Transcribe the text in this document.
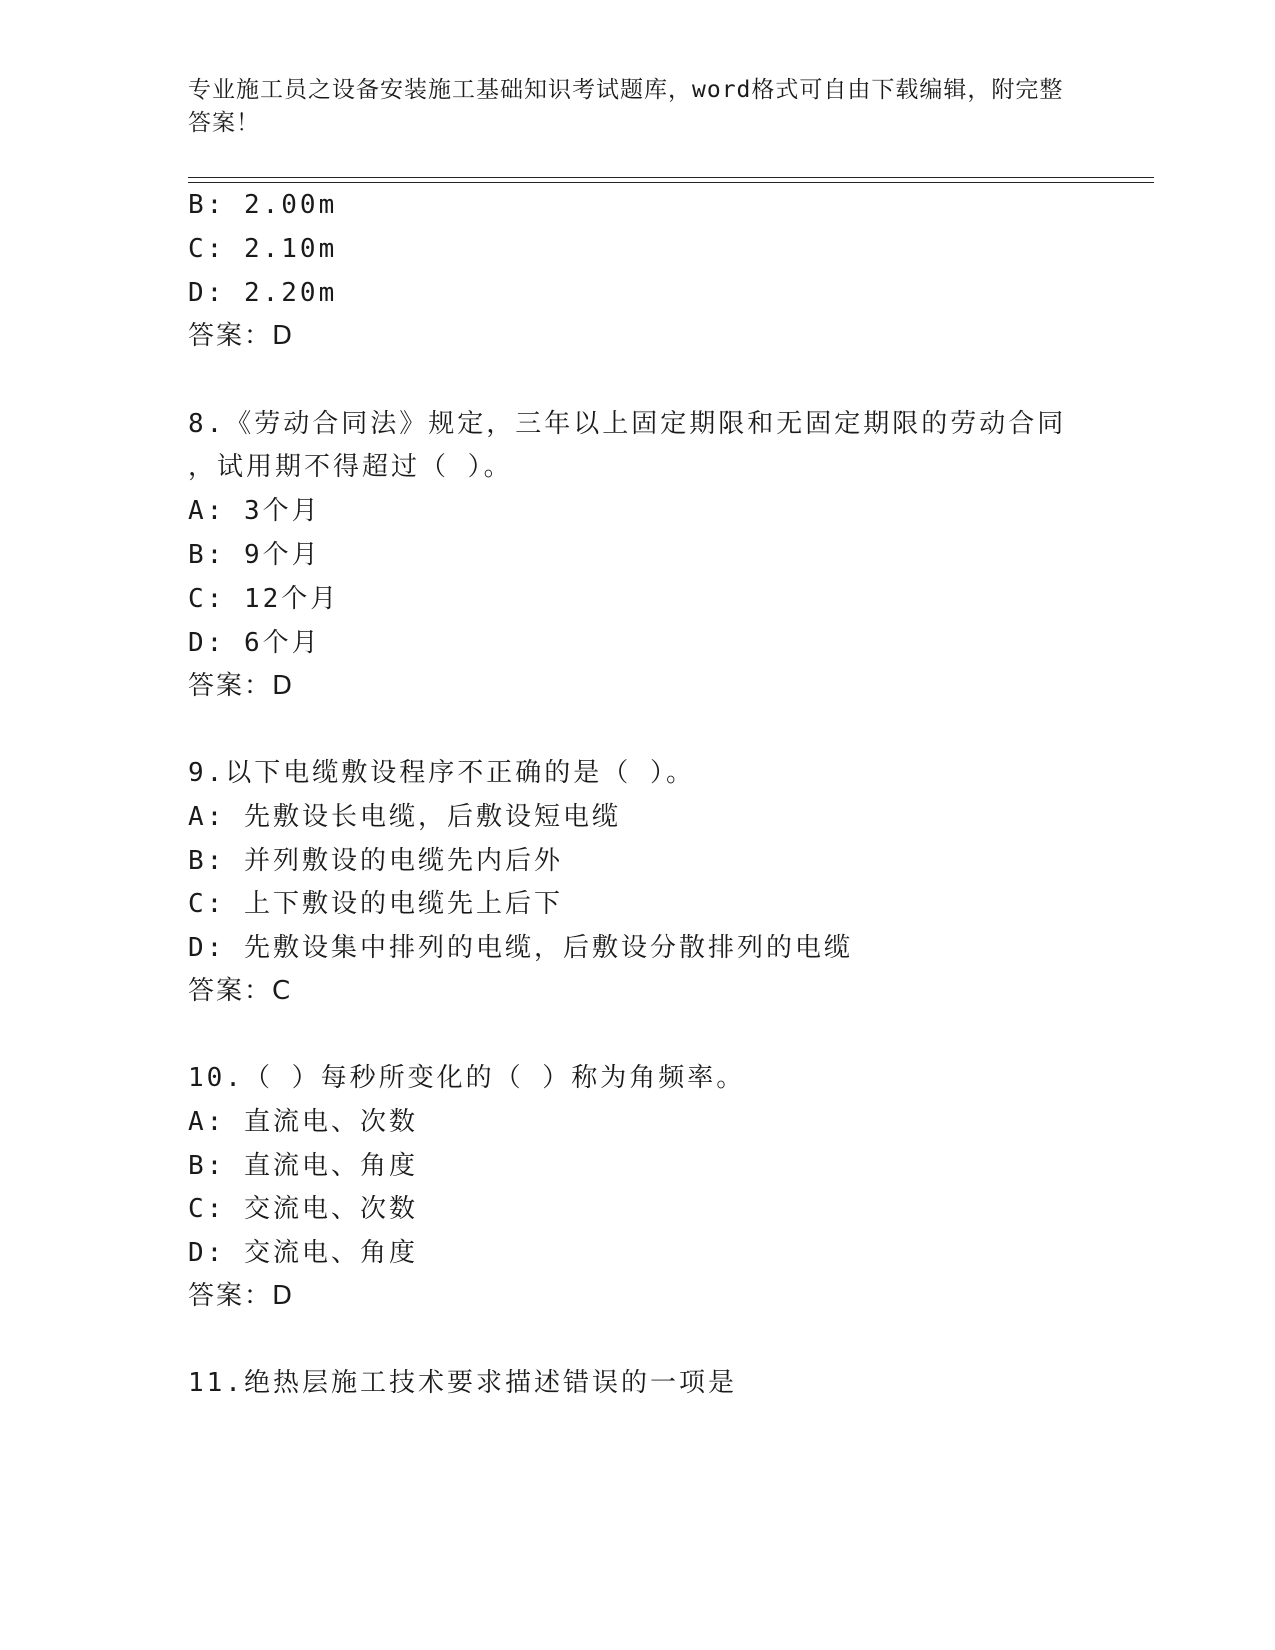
专业施工员之设备安装施工基础知识考试题库，word格式可自由下载编辑，附完整答案！
B: 2.00m
C: 2.10m
D: 2.20m
答案：D
8.《劳动合同法》规定，三年以上固定期限和无固定期限的劳动合同
，试用期不得超过（ ）。
A: 3个月
B: 9个月
C: 12个月
D: 6个月
答案：D
9.以下电缆敷设程序不正确的是（ ）。
A: 先敷设长电缆，后敷设短电缆
B: 并列敷设的电缆先内后外
C: 上下敷设的电缆先上后下
D: 先敷设集中排列的电缆，后敷设分散排列的电缆
答案：C
10.（ ）每秒所变化的（ ）称为角频率。
A: 直流电、次数
B: 直流电、角度
C: 交流电、次数
D: 交流电、角度
答案：D
11.绝热层施工技术要求描述错误的一项是
